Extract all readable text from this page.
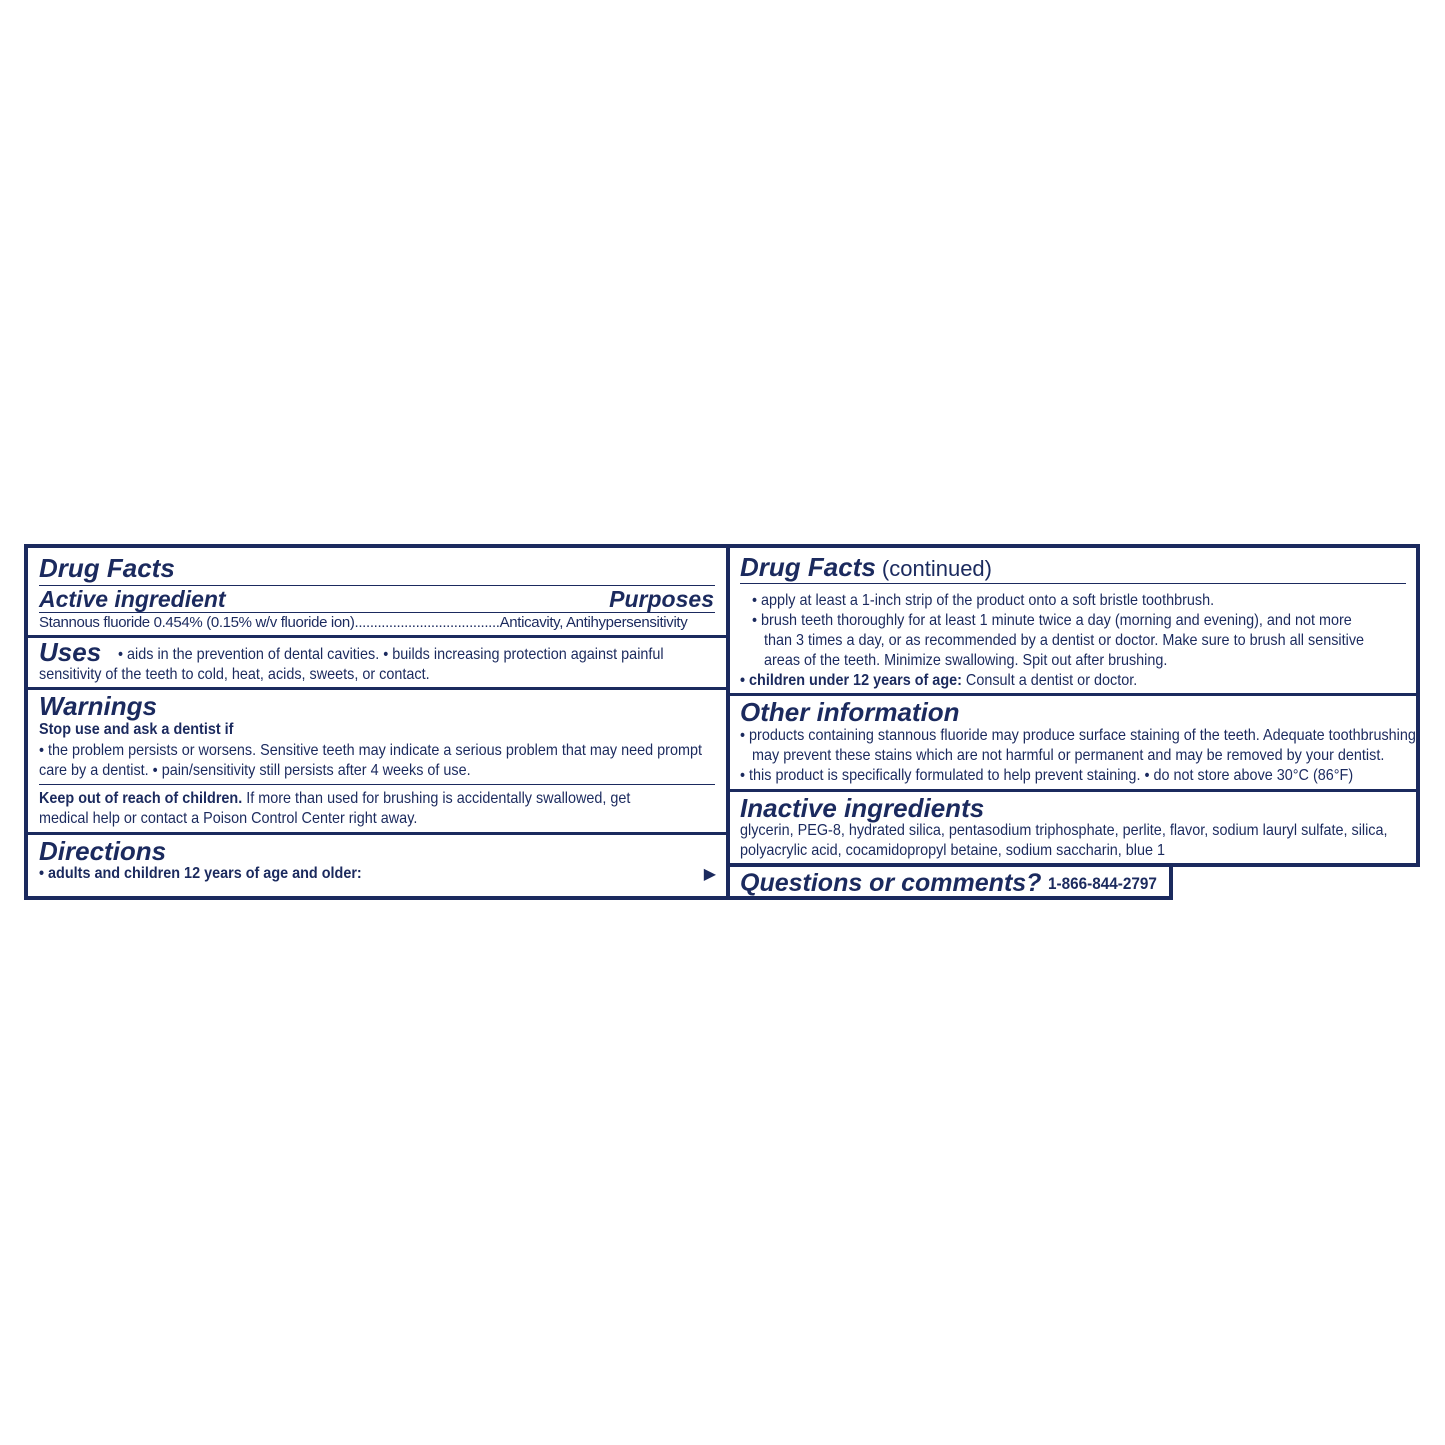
Drug Facts
Active ingredient	Purposes
Stannous fluoride 0.454% (0.15% w/v fluoride ion)......................................Anticavity, Antihypersensitivity
Uses • aids in the prevention of dental cavities. • builds increasing protection against painful
sensitivity of the teeth to cold, heat, acids, sweets, or contact.
Warnings
Stop use and ask a dentist if
• the problem persists or worsens. Sensitive teeth may indicate a serious problem that may need prompt
care by a dentist. • pain/sensitivity still persists after 4 weeks of use.
Keep out of reach of children. If more than used for brushing is accidentally swallowed, get
medical help or contact a Poison Control Center right away.
Directions
• adults and children 12 years of age and older:	▶
Drug Facts (continued)
• apply at least a 1-inch strip of the product onto a soft bristle toothbrush.
• brush teeth thoroughly for at least 1 minute twice a day (morning and evening), and not more
than 3 times a day, or as recommended by a dentist or doctor. Make sure to brush all sensitive
areas of the teeth. Minimize swallowing. Spit out after brushing.
• children under 12 years of age: Consult a dentist or doctor.
Other information
• products containing stannous fluoride may produce surface staining of the teeth. Adequate toothbrushing
may prevent these stains which are not harmful or permanent and may be removed by your dentist.
• this product is specifically formulated to help prevent staining. • do not store above 30°C (86°F)
Inactive ingredients
glycerin, PEG-8, hydrated silica, pentasodium triphosphate, perlite, flavor, sodium lauryl sulfate, silica,
polyacrylic acid, cocamidopropyl betaine, sodium saccharin, blue 1
Questions or comments? 1-866-844-2797
